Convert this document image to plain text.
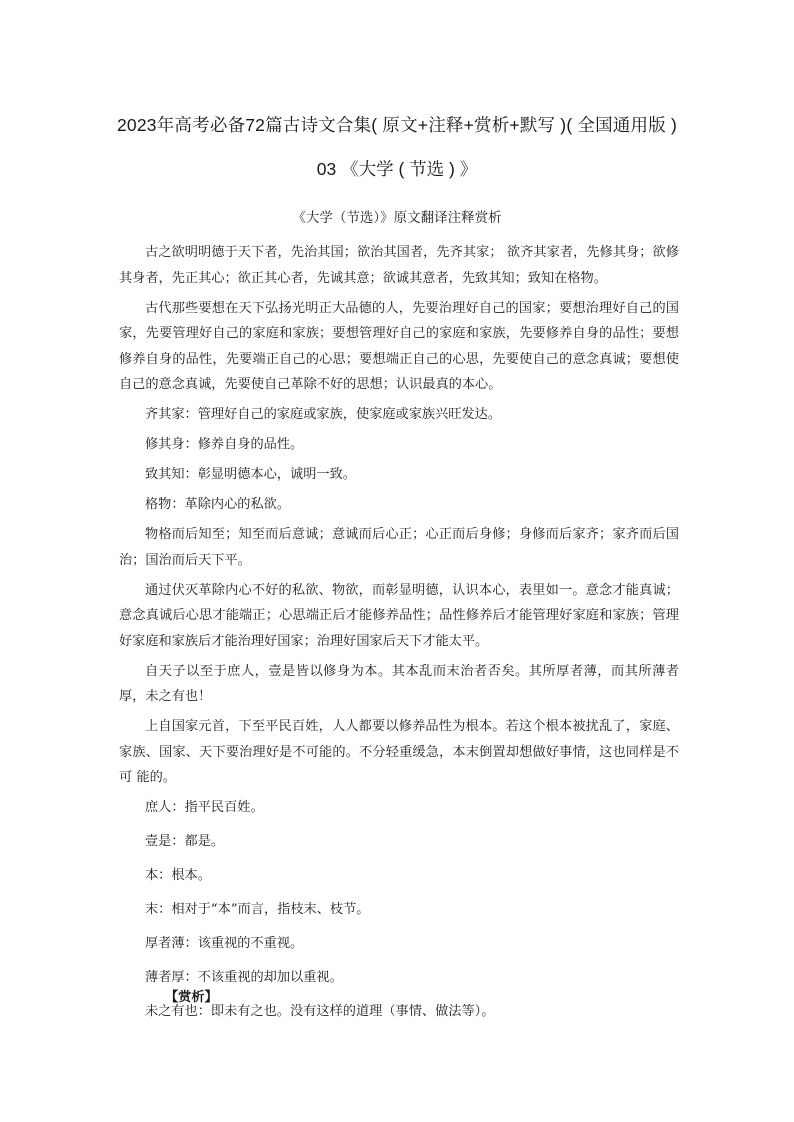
2023年高考必备72篇古诗文合集( 原文+注释+赏析+默写 )( 全国通用版 )
03 《大学 ( 节选 ) 》
《大学（节选）》原文翻译注释赏析

古之欲明明德于天下者，先治其国；欲治其国者，先齐其家； 欲齐其家者，先修其身；欲修其身者，先正其心；欲正其心者，先诚其意；欲诚其意者，先致其知；致知在格物。

古代那些要想在天下弘扬光明正大品德的人，先要治理好自己的国家；要想治理好自己的国家，先要管理好自己的家庭和家族；要想管理好自己的家庭和家族，先要修养自身的品性；要想修养自身的品性，先要端正自己的心思；要想端正自己的心思，先要使自己的意念真诚；要想使自己的意念真诚，先要使自己革除不好的思想；认识最真的本心。

齐其家：管理好自己的家庭或家族，使家庭或家族兴旺发达。

修其身：修养自身的品性。

致其知：彰显明德本心，诚明一致。

格物：革除内心的私欲。

物格而后知至；知至而后意诚；意诚而后心正；心正而后身修；身修而后家齐；家齐而后国治；国治而后天下平。

通过伏灭革除内心不好的私欲、物欲，而彰显明德，认识本心，表里如一。意念才能真诚；意念真诚后心思才能端正；心思端正后才能修养品性；品性修养后才能管理好家庭和家族；管理好家庭和家族后才能治理好国家；治理好国家后天下才能太平。

自天子以至于庶人，壹是皆以修身为本。其本乱而末治者否矣。其所厚者薄，而其所薄者厚，未之有也！

上自国家元首，下至平民百姓，人人都要以修养品性为根本。若这个根本被扰乱了，家庭、家族、国家、天下要治理好是不可能的。不分轻重缓急，本末倒置却想做好事情，这也同样是不可 能的。

庶人：指平民百姓。

壹是：都是。

本：根本。

末：相对于“本”而言，指枝末、枝节。

厚者薄：该重视的不重视。

薄者厚：不该重视的却加以重视。

未之有也：即未有之也。没有这样的道理（事情、做法等）。

【赏析】
